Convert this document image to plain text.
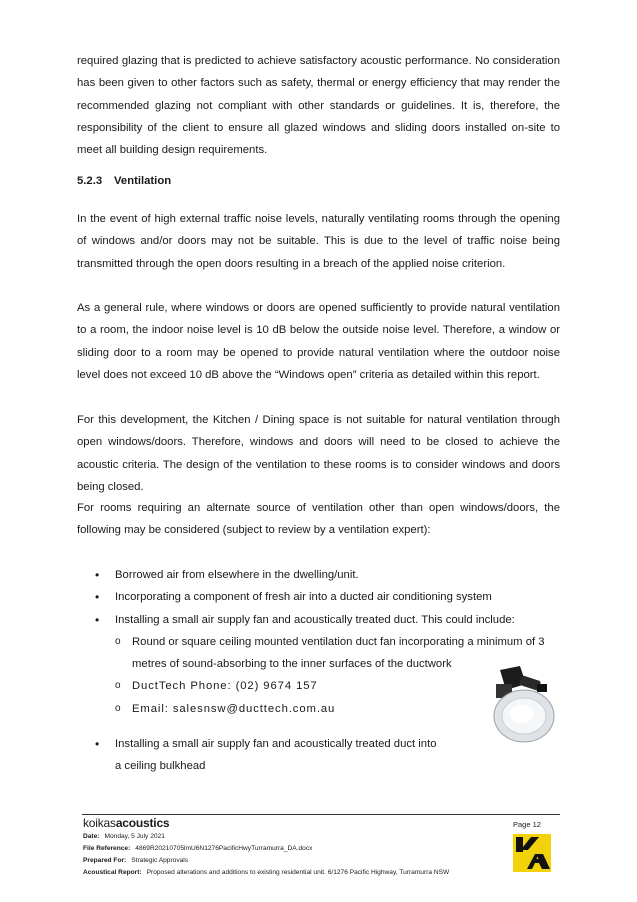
required glazing that is predicted to achieve satisfactory acoustic performance. No consideration has been given to other factors such as safety, thermal or energy efficiency that may render the recommended glazing not compliant with other standards or guidelines. It is, therefore, the responsibility of the client to ensure all glazed windows and sliding doors installed on-site to meet all building design requirements.

5.2.3 Ventilation

In the event of high external traffic noise levels, naturally ventilating rooms through the opening of windows and/or doors may not be suitable. This is due to the level of traffic noise being transmitted through the open doors resulting in a breach of the applied noise criterion.

As a general rule, where windows or doors are opened sufficiently to provide natural ventilation to a room, the indoor noise level is 10 dB below the outside noise level. Therefore, a window or sliding door to a room may be opened to provide natural ventilation where the outdoor noise level does not exceed 10 dB above the “Windows open” criteria as detailed within this report.

For this development, the Kitchen / Dining space is not suitable for natural ventilation through open windows/doors. Therefore, windows and doors will need to be closed to achieve the acoustic criteria. The design of the ventilation to these rooms is to consider windows and doors being closed.

For rooms requiring an alternate source of ventilation other than open windows/doors, the following may be considered (subject to review by a ventilation expert):

• Borrowed air from elsewhere in the dwelling/unit.
• Incorporating a component of fresh air into a ducted air conditioning system
• Installing a small air supply fan and acoustically treated duct. This could include:
o Round or square ceiling mounted ventilation duct fan incorporating a minimum of 3 metres of sound-absorbing to the inner surfaces of the ductwork
o DuctTech Phone: (02) 9674 157
o Email: salesnsw@ducttech.com.au
• Installing a small air supply fan and acoustically treated duct into a ceiling bulkhead
koikasacoustics
Date: Monday, 5 July 2021
File Reference: 4869R20210705lmU6N1276PacificHwyTurramurra_DA.docx
Prepared For: Strategic Approvals
Acoustical Report: Proposed alterations and additions to existing residential unit. 6/1276 Pacific Highway, Turramurra NSW
Page 12
